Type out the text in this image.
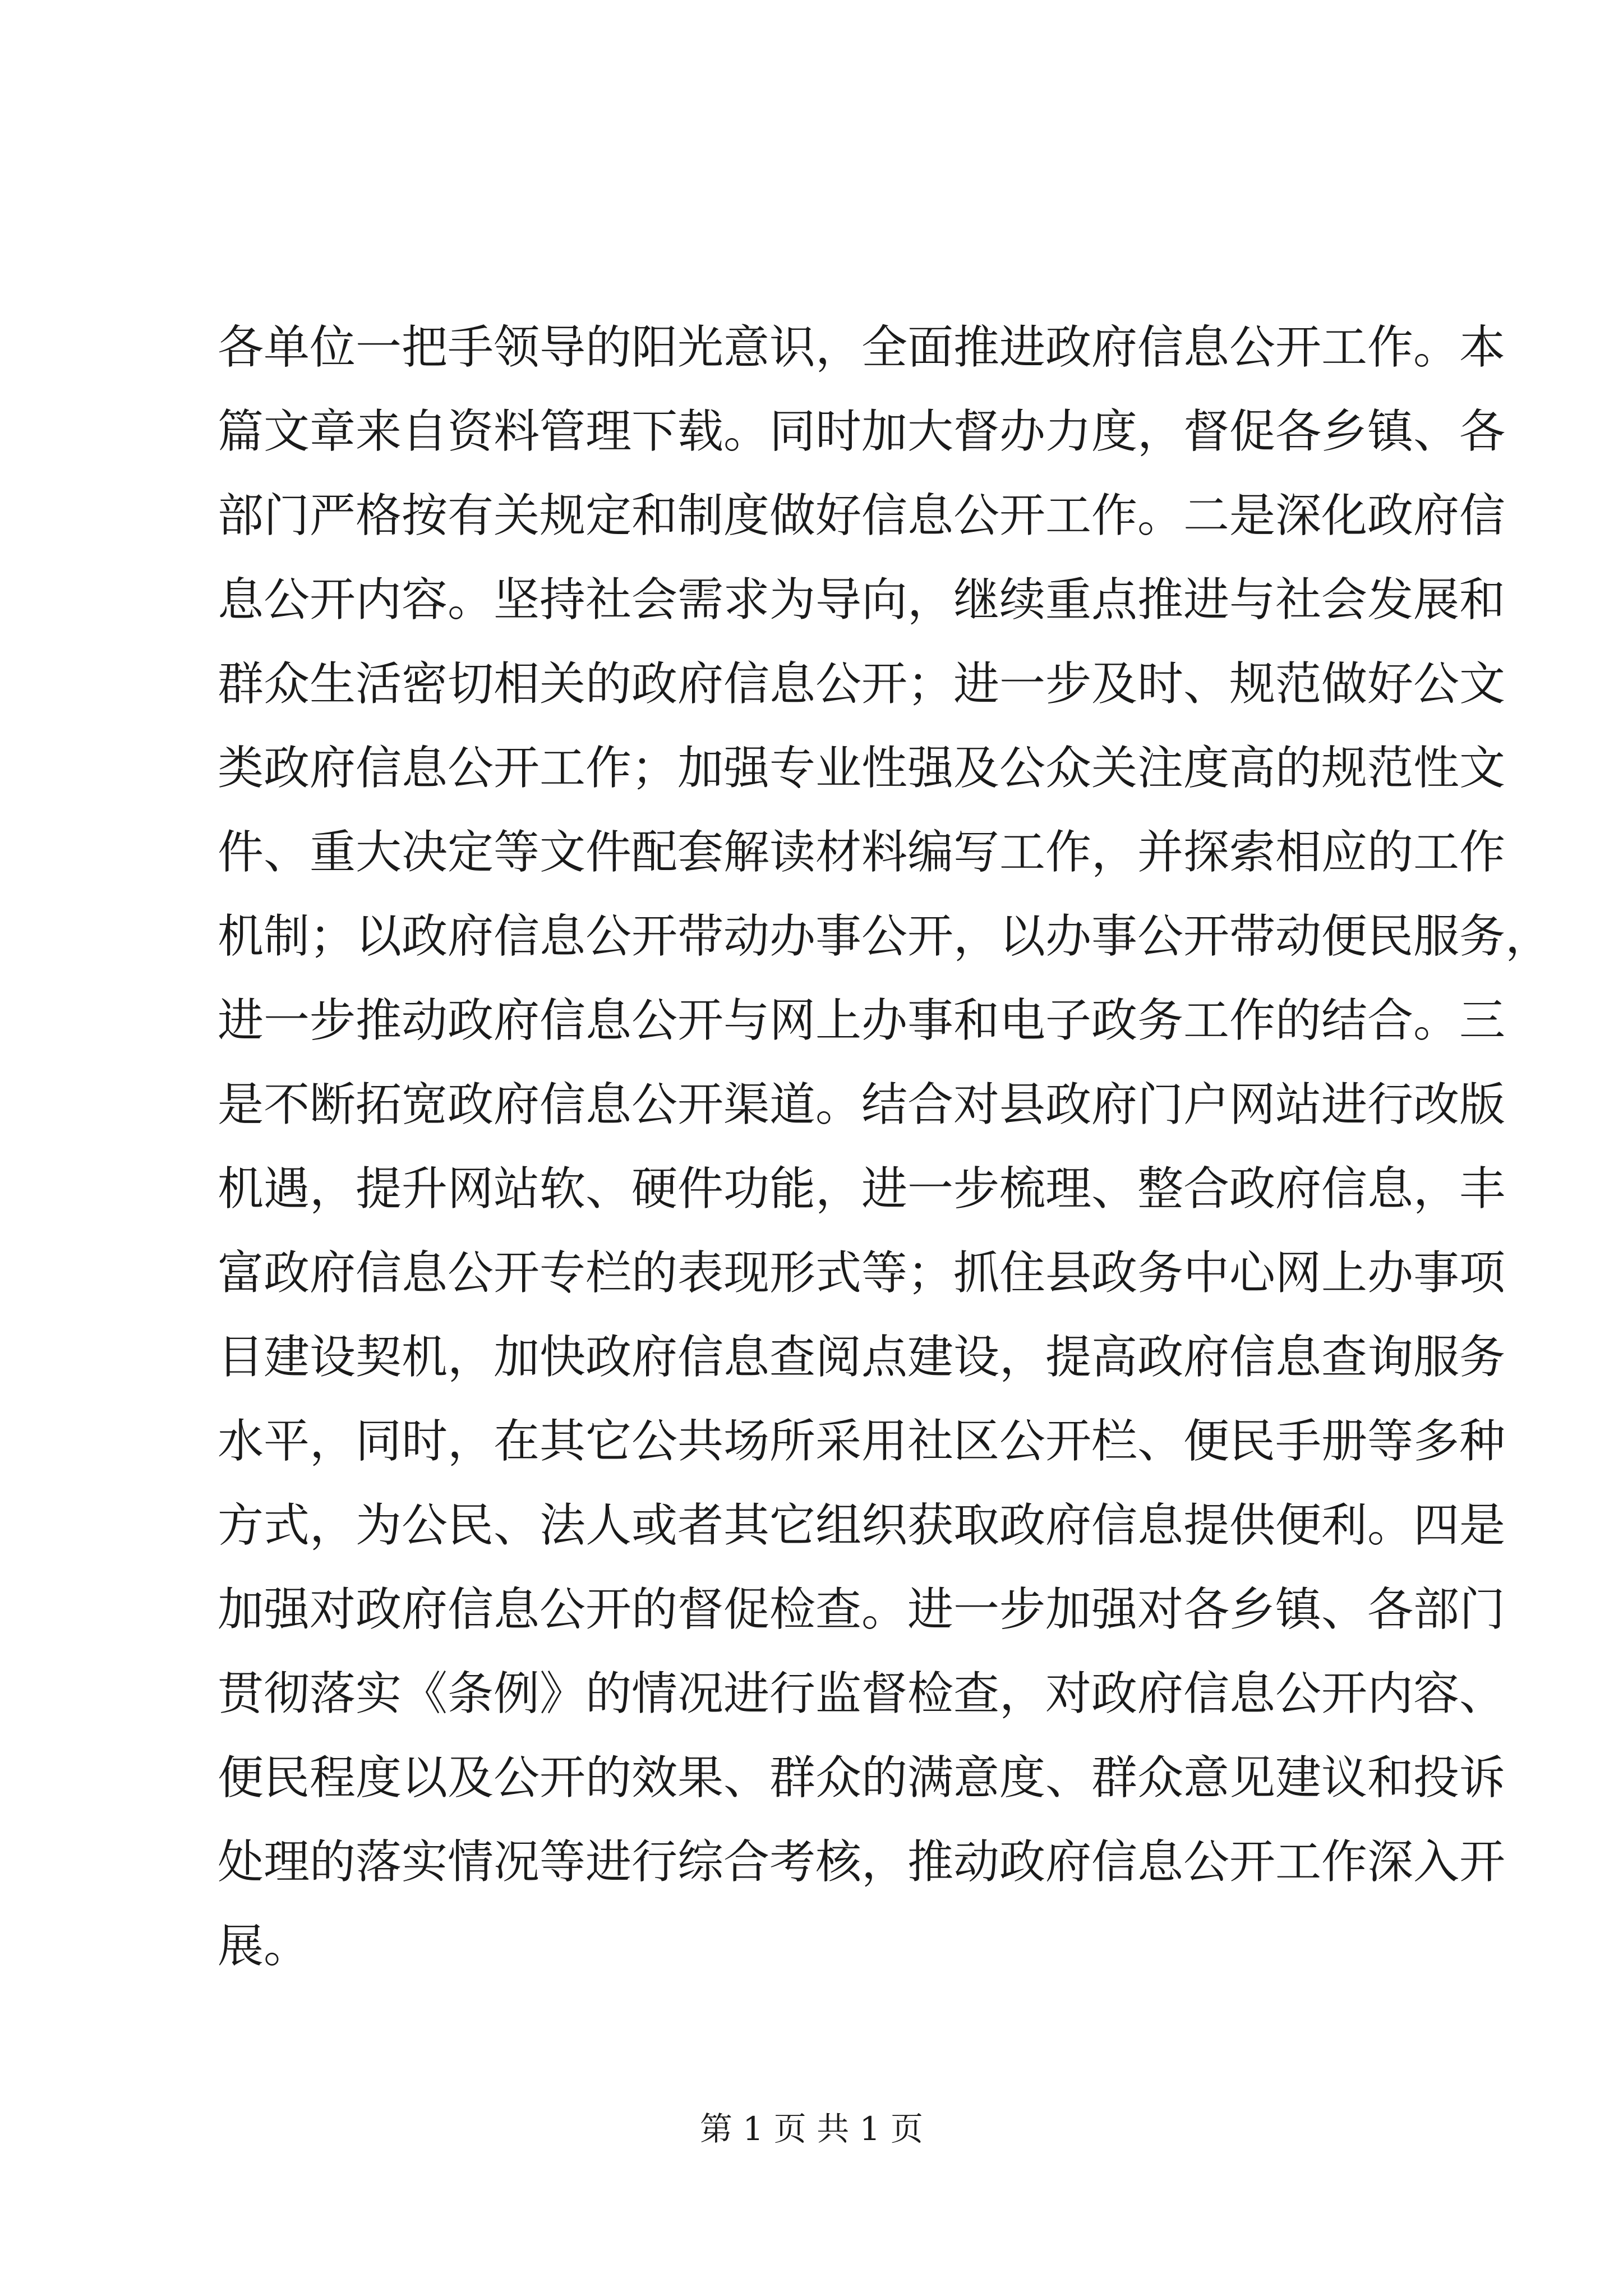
各单位一把手领导的阳光意识，全面推进政府信息公开工作。本
篇文章来自资料管理下载。同时加大督办力度，督促各乡镇、各
部门严格按有关规定和制度做好信息公开工作。二是深化政府信
息公开内容。坚持社会需求为导向，继续重点推进与社会发展和
群众生活密切相关的政府信息公开；进一步及时、规范做好公文
类政府信息公开工作；加强专业性强及公众关注度高的规范性文
件、重大决定等文件配套解读材料编写工作，并探索相应的工作
机制；以政府信息公开带动办事公开，以办事公开带动便民服务，
进一步推动政府信息公开与网上办事和电子政务工作的结合。三
是不断拓宽政府信息公开渠道。结合对县政府门户网站进行改版
机遇，提升网站软、硬件功能，进一步梳理、整合政府信息，丰
富政府信息公开专栏的表现形式等；抓住县政务中心网上办事项
目建设契机，加快政府信息查阅点建设，提高政府信息查询服务
水平，同时，在其它公共场所采用社区公开栏、便民手册等多种
方式，为公民、法人或者其它组织获取政府信息提供便利。四是
加强对政府信息公开的督促检查。进一步加强对各乡镇、各部门
贯彻落实《条例》的情况进行监督检查，对政府信息公开内容、
便民程度以及公开的效果、群众的满意度、群众意见建议和投诉
处理的落实情况等进行综合考核，推动政府信息公开工作深入开
展。
第 1 页 共 1 页
